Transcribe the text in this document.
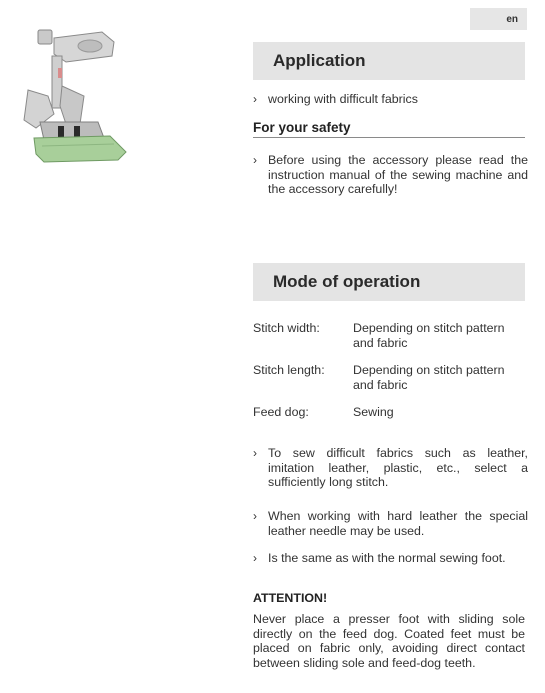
en
Application
› working with difficult fabrics
For your safety
› Before using the accessory please read the instruction manual of the sewing machine and the accessory carefully!
Mode of operation
Stitch width:	Depending on stitch pattern and fabric
Stitch length: Depending on stitch pattern and fabric
Feed dog:	Sewing
› To sew difficult fabrics such as leather, imitation leather, plastic, etc., select a sufficiently long stitch.
› When working with hard leather the special leather needle may be used.
› Is the same as with the normal sewing foot.
ATTENTION!
Never place a presser foot with sliding sole directly on the feed dog. Coated feet must be placed on fabric only, avoiding direct contact between sliding sole and feed-dog teeth.
